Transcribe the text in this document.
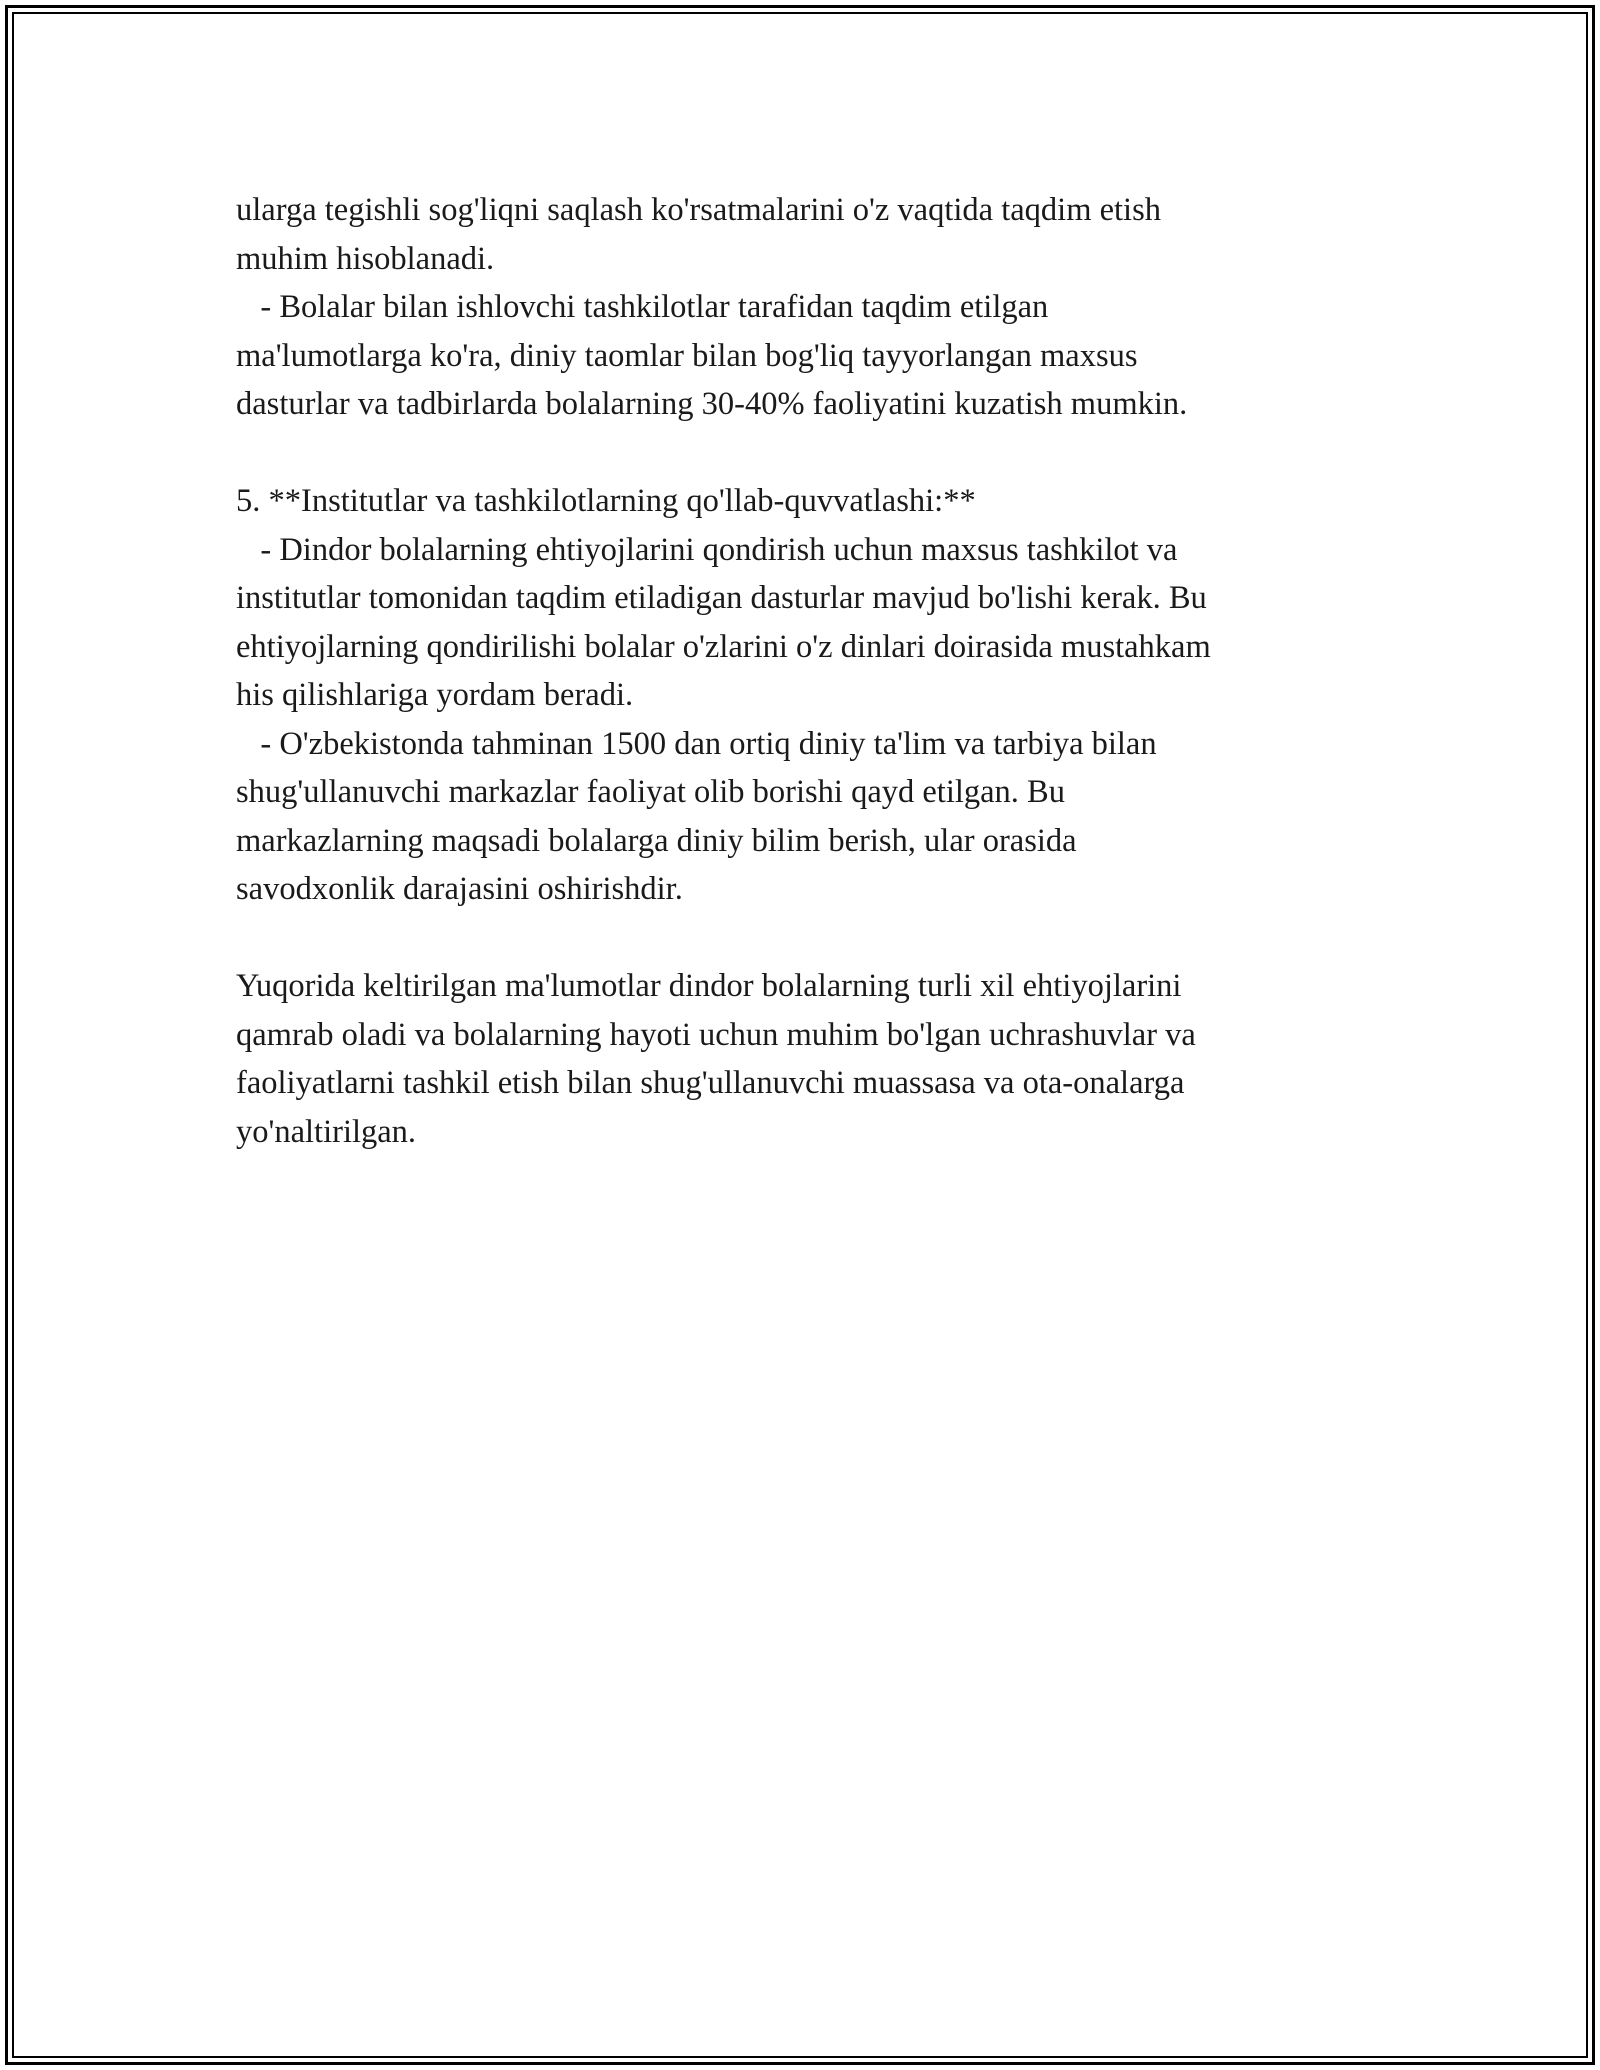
ularga tegishli sog'liqni saqlash ko'rsatmalarini o'z vaqtida taqdim etish
muhim hisoblanadi.
- Bolalar bilan ishlovchi tashkilotlar tarafidan taqdim etilgan
ma'lumotlarga ko'ra, diniy taomlar bilan bog'liq tayyorlangan maxsus
dasturlar va tadbirlarda bolalarning 30-40% faoliyatini kuzatish mumkin.
5. **Institutlar va tashkilotlarning qo'llab-quvvatlashi:**
- Dindor bolalarning ehtiyojlarini qondirish uchun maxsus tashkilot va
institutlar tomonidan taqdim etiladigan dasturlar mavjud bo'lishi kerak. Bu
ehtiyojlarning qondirilishi bolalar o'zlarini o'z dinlari doirasida mustahkam
his qilishlariga yordam beradi.
- O'zbekistonda tahminan 1500 dan ortiq diniy ta'lim va tarbiya bilan
shug'ullanuvchi markazlar faoliyat olib borishi qayd etilgan. Bu
markazlarning maqsadi bolalarga diniy bilim berish, ular orasida
savodxonlik darajasini oshirishdir.
Yuqorida keltirilgan ma'lumotlar dindor bolalarning turli xil ehtiyojlarini
qamrab oladi va bolalarning hayoti uchun muhim bo'lgan uchrashuvlar va
faoliyatlarni tashkil etish bilan shug'ullanuvchi muassasa va ota-onalarga
yo'naltirilgan.
